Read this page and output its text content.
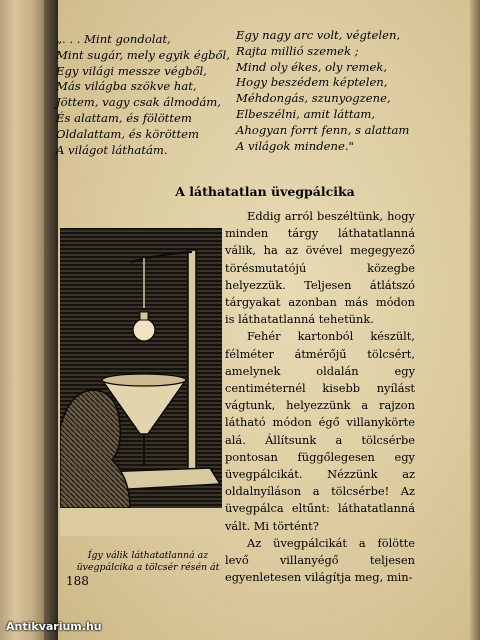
„. . . Mint gondolat,
Mint sugár, mely egyik égből,
Egy világi messze végből,
Más világba szökve hat,
Jöttem, vagy csak álmodám,
És alattam, és fölöttem
Oldalattam, és köröttem
A világot láthatám.
Egy nagy arc volt, végtelen,
Rajta millió szemek ;
Mind oly ékes, oly remek,
Hogy beszédem képtelen,
Méhdongás, szunyogzene,
Elbeszélni, amit láttam,
Ahogyan forrt fenn, s alattam
A világok mindene."
A láthatatlan üvegpálcika

Eddig arról beszéltünk, hogy minden tárgy láthatatlanná válik, ha az övével megegyező törésmutatójú közegbe helyezzük. Teljesen átlátszó tárgyakat azonban más módon is láthatatlanná tehetünk.

Fehér kartonból készült, félméter átmérőjű tölcsért, amelynek oldalán egy centiméternél kisebb nyílást vágtunk, helyezzünk a rajzon látható módon égő villanykörte alá. Állítsunk a tölcsérbe pontosan függőlegesen egy üvegpálcikát. Nézzünk az oldalnyíláson a tölcsérbe! Az üvegpálca eltűnt: láthatatlanná vált. Mi történt?

Az üvegpálcikát a fölötte levő villanyégő teljesen egyenletesen világítja meg, min-

Így válik láthatatlanná az üvegpálcika a tölcsér résén át
188
Antikvarium.hu
